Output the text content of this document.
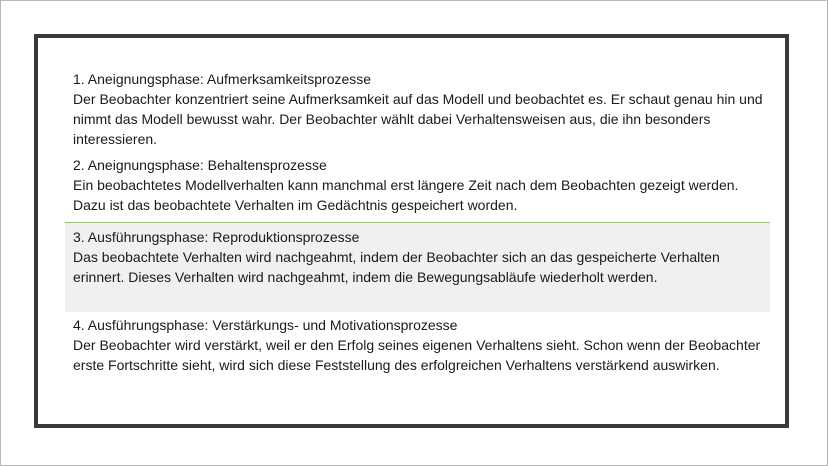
1. Aneignungsphase: Aufmerksamkeitsprozesse

Der Beobachter konzentriert seine Aufmerksamkeit auf das Modell und beobachtet es. Er schaut genau hin und nimmt das Modell bewusst wahr. Der Beobachter wählt dabei Verhaltensweisen aus, die ihn besonders interessieren.

2. Aneignungsphase: Behaltensprozesse

Ein beobachtetes Modellverhalten kann manchmal erst längere Zeit nach dem Beobachten gezeigt werden. Dazu ist das beobachtete Verhalten im Gedächtnis gespeichert worden.

3. Ausführungsphase: Reproduktionsprozesse

Das beobachtete Verhalten wird nachgeahmt, indem der Beobachter sich an das gespeicherte Verhalten erinnert. Dieses Verhalten wird nachgeahmt, indem die Bewegungsabläufe wiederholt werden.

4. Ausführungsphase: Verstärkungs- und Motivationsprozesse

Der Beobachter wird verstärkt, weil er den Erfolg seines eigenen Verhaltens sieht. Schon wenn der Beobachter erste Fortschritte sieht, wird sich diese Feststellung des erfolgreichen Verhaltens verstärkend auswirken.
